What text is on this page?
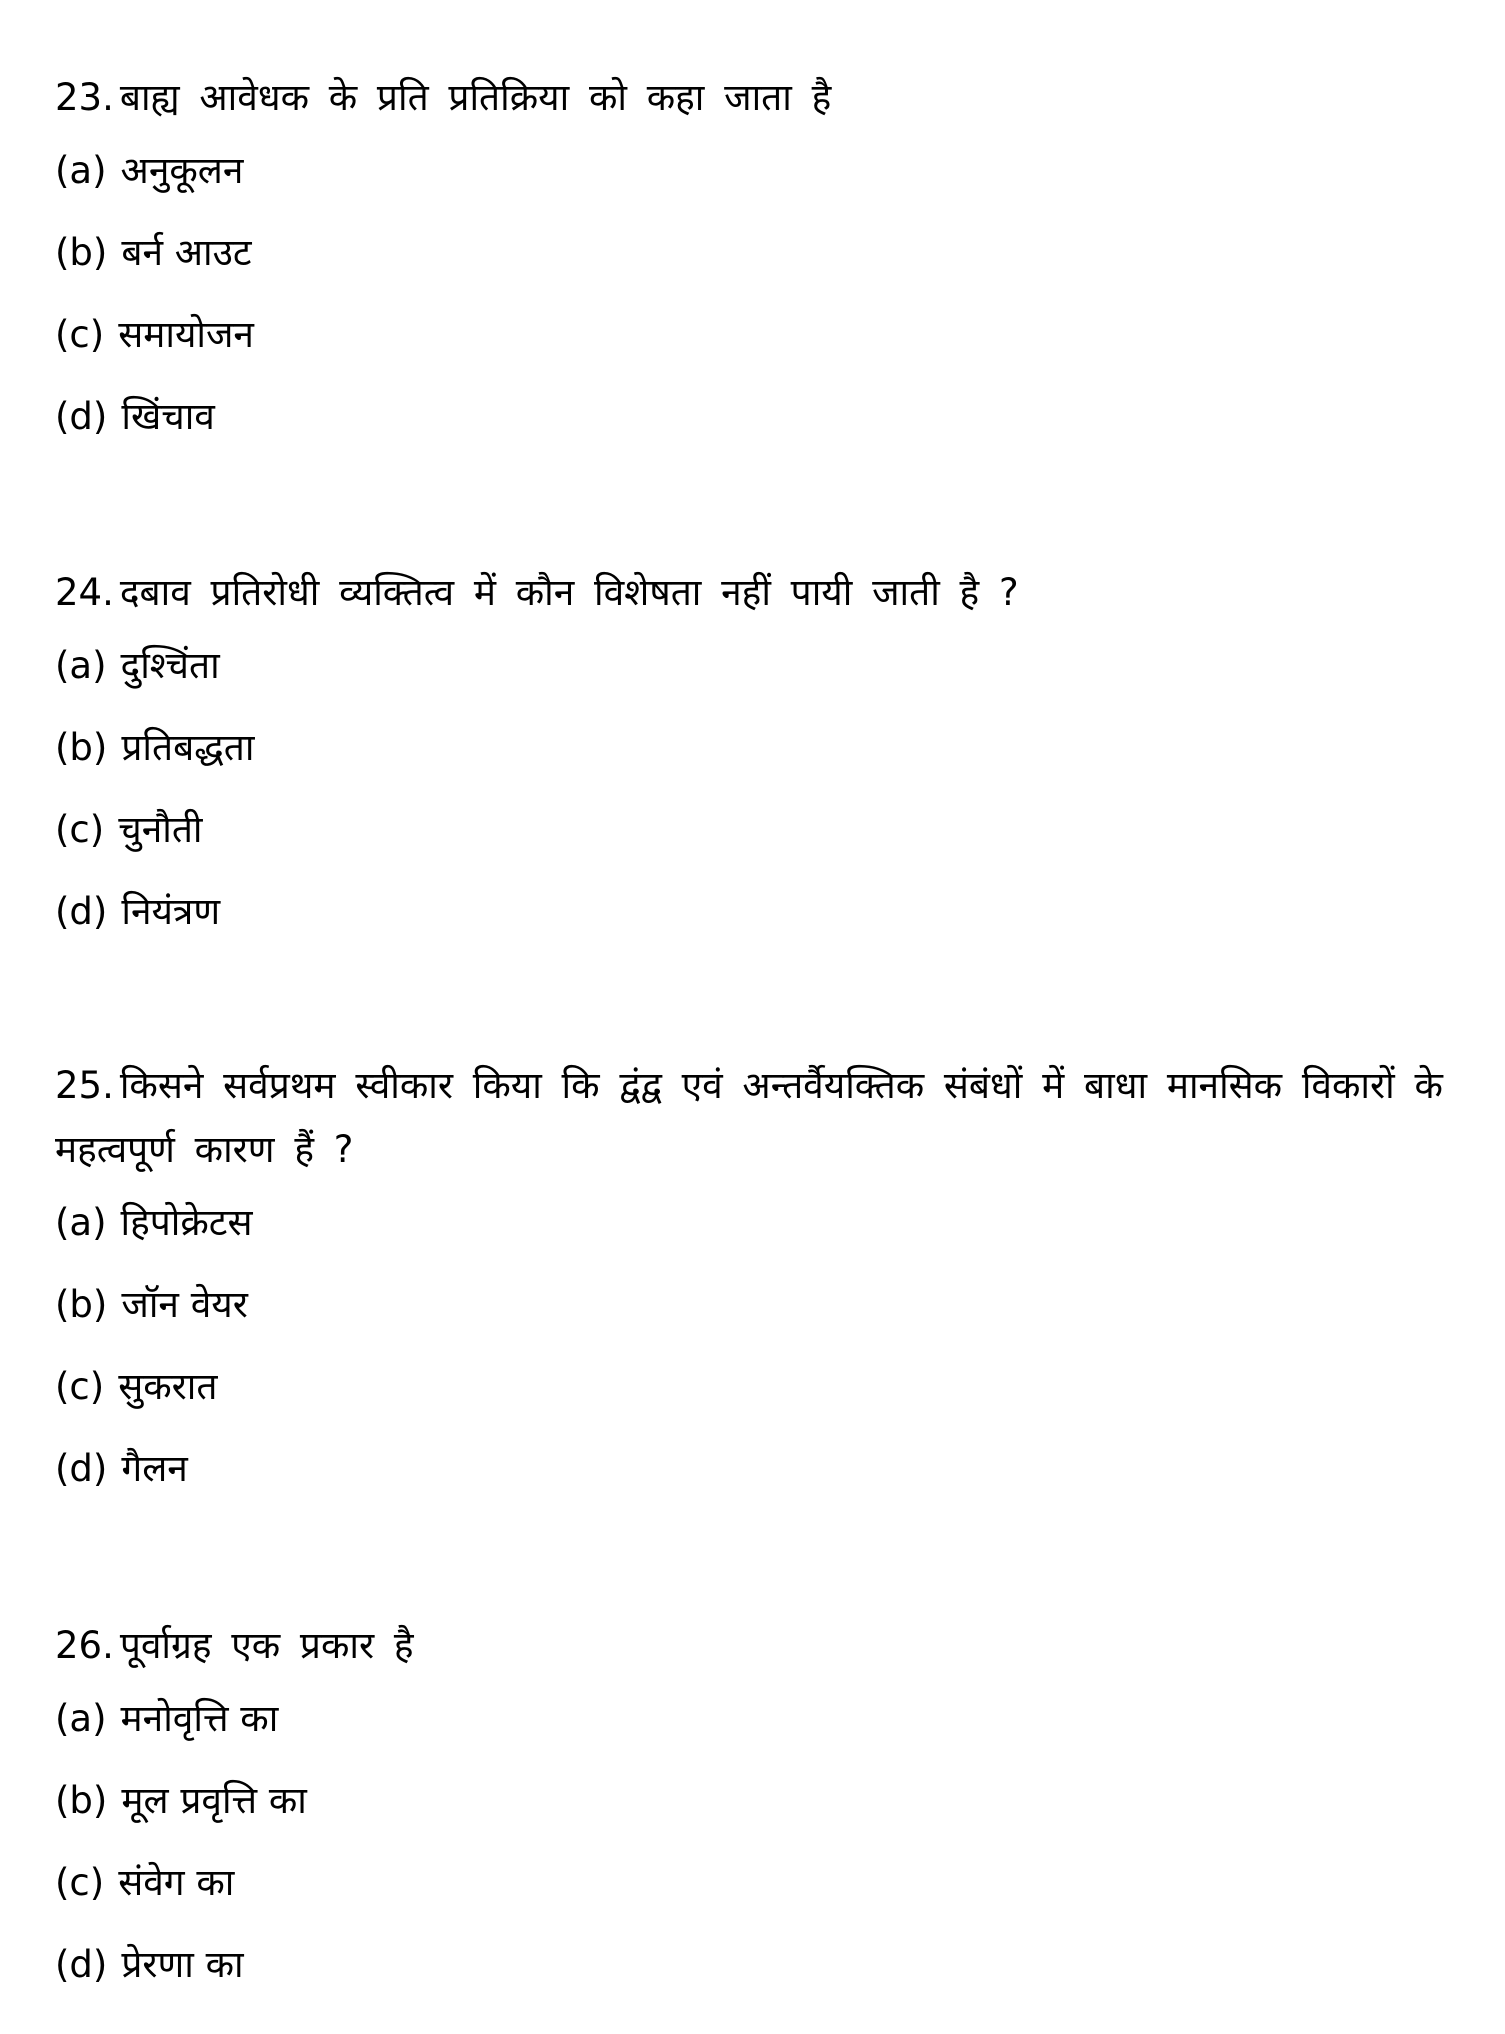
23. बाह्य आवेधक के प्रति प्रतिक्रिया को कहा जाता है

(a) अनुकूलन
(b) बर्न आउट
(c) समायोजन
(d) खिंचाव

24. दबाव प्रतिरोधी व्यक्तित्व में कौन विशेषता नहीं पायी जाती है ?

(a) दुश्चिंता
(b) प्रतिबद्धता
(c) चुनौती
(d) नियंत्रण

25. किसने सर्वप्रथम स्वीकार किया कि द्वंद्व एवं अन्तर्वैयक्तिक संबंधों में बाधा मानसिक विकारों के महत्वपूर्ण कारण हैं ?

(a) हिपोक्रेटस
(b) जॉन वेयर
(c) सुकरात
(d) गैलन

26. पूर्वाग्रह एक प्रकार है

(a) मनोवृत्ति का
(b) मूल प्रवृत्ति का
(c) संवेग का
(d) प्रेरणा का
